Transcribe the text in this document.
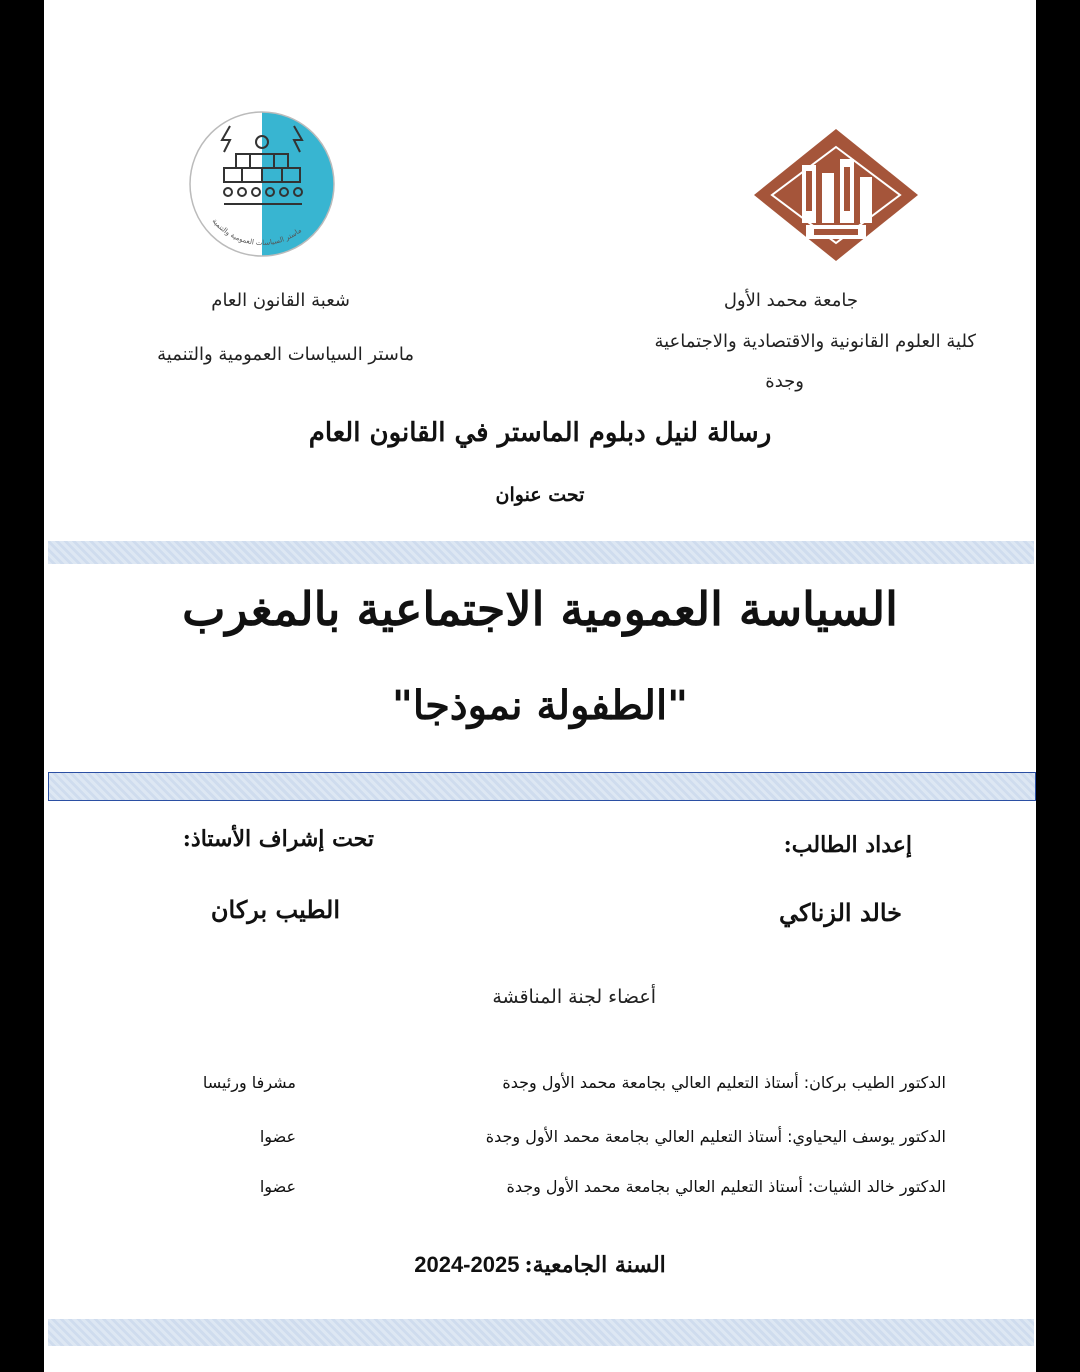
ماستر السياسات العمومية والتنمية
جامعة محمد الأول
كلية العلوم القانونية والاقتصادية والاجتماعية
وجدة
شعبة القانون العام
ماستر السياسات العمومية والتنمية
رسالة لنيل دبلوم الماستر في القانون العام
تحت عنوان
السياسة العمومية الاجتماعية بالمغرب
"الطفولة نموذجا"
إعداد الطالب:
خالد الزناكي
تحت إشراف الأستاذ:
الطيب بركان
أعضاء لجنة المناقشة
الدكتور الطيب بركان: أستاذ التعليم العالي بجامعة محمد الأول وجدة
مشرفا ورئيسا
الدكتور يوسف اليحياوي: أستاذ التعليم العالي بجامعة محمد الأول وجدة
عضوا
الدكتور خالد الشيات: أستاذ التعليم العالي بجامعة محمد الأول وجدة
عضوا
السنة الجامعية: 2024-2025
